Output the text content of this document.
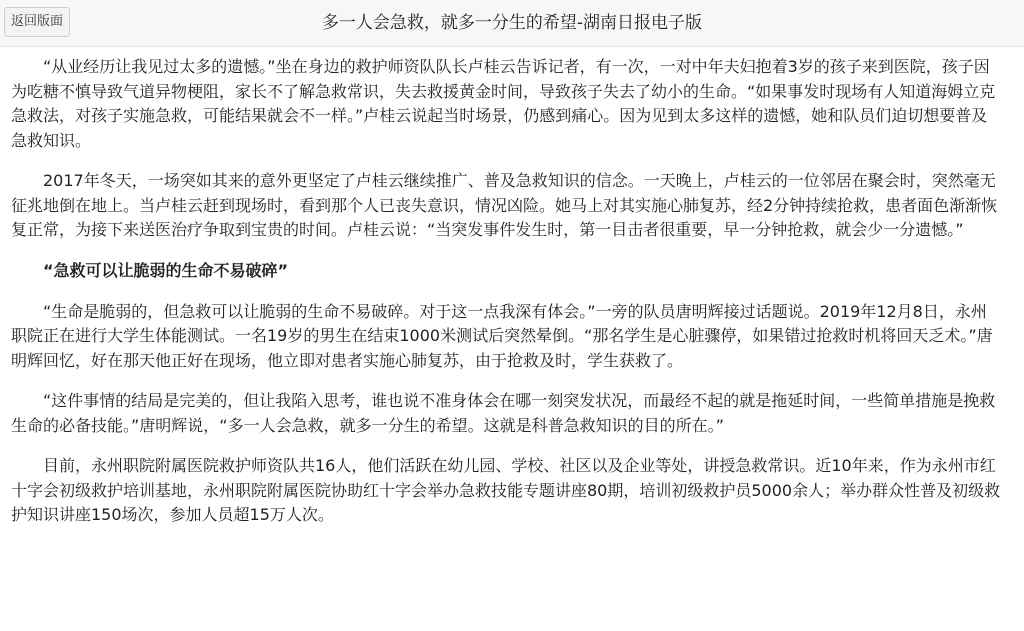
返回版面	多一人会急救，就多一分生的希望-湖南日报电子版

“从业经历让我见过太多的遗憾。”坐在身边的救护师资队队长卢桂云告诉记者，有一次，一对中年夫妇抱着3岁的孩子来到医院，孩子因为吃糖不慎导致气道异物梗阻，家长不了解急救常识，失去救援黄金时间，导致孩子失去了幼小的生命。“如果事发时现场有人知道海姆立克急救法，对孩子实施急救，可能结果就会不一样。”卢桂云说起当时场景，仍感到痛心。因为见到太多这样的遗憾，她和队员们迫切想要普及急救知识。

2017年冬天，一场突如其来的意外更坚定了卢桂云继续推广、普及急救知识的信念。一天晚上，卢桂云的一位邻居在聚会时，突然毫无征兆地倒在地上。当卢桂云赶到现场时，看到那个人已丧失意识，情况凶险。她马上对其实施心肺复苏，经2分钟持续抢救，患者面色渐渐恢复正常，为接下来送医治疗争取到宝贵的时间。卢桂云说：“当突发事件发生时，第一目击者很重要，早一分钟抢救，就会少一分遗憾。”

“急救可以让脆弱的生命不易破碎”

“生命是脆弱的，但急救可以让脆弱的生命不易破碎。对于这一点我深有体会。”一旁的队员唐明辉接过话题说。2019年12月8日，永州职院正在进行大学生体能测试。一名19岁的男生在结束1000米测试后突然晕倒。“那名学生是心脏骤停，如果错过抢救时机将回天乏术。”唐明辉回忆，好在那天他正好在现场，他立即对患者实施心肺复苏，由于抢救及时，学生获救了。

“这件事情的结局是完美的，但让我陷入思考，谁也说不准身体会在哪一刻突发状况，而最经不起的就是拖延时间，一些简单措施是挽救生命的必备技能。”唐明辉说，“多一人会急救，就多一分生的希望。这就是科普急救知识的目的所在。”

目前，永州职院附属医院救护师资队共16人，他们活跃在幼儿园、学校、社区以及企业等处，讲授急救常识。近10年来，作为永州市红十字会初级救护培训基地，永州职院附属医院协助红十字会举办急救技能专题讲座80期，培训初级救护员5000余人；举办群众性普及初级救护知识讲座150场次，参加人员超15万人次。
